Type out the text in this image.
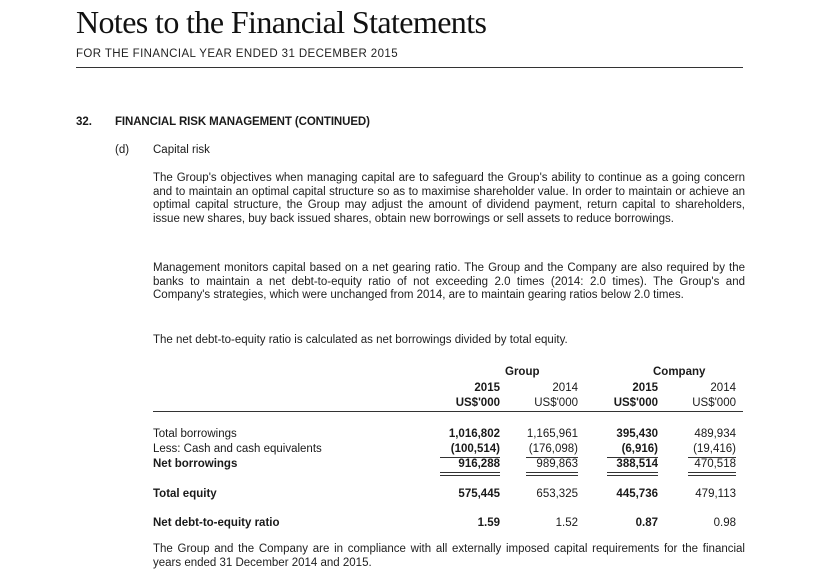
Notes to the Financial Statements
FOR THE FINANCIAL YEAR ENDED 31 DECEMBER 2015
32. FINANCIAL RISK MANAGEMENT (CONTINUED)
(d) Capital risk
The Group's objectives when managing capital are to safeguard the Group's ability to continue as a going concern and to maintain an optimal capital structure so as to maximise shareholder value. In order to maintain or achieve an optimal capital structure, the Group may adjust the amount of dividend payment, return capital to shareholders, issue new shares, buy back issued shares, obtain new borrowings or sell assets to reduce borrowings.
Management monitors capital based on a net gearing ratio. The Group and the Company are also required by the banks to maintain a net debt-to-equity ratio of not exceeding 2.0 times (2014: 2.0 times). The Group's and Company's strategies, which were unchanged from 2014, are to maintain gearing ratios below 2.0 times.
The net debt-to-equity ratio is calculated as net borrowings divided by total equity.
Group	Company
2015	2014	2015	2014
US$'000	US$'000	US$'000	US$'000
Total borrowings	1,016,802	1,165,961	395,430	489,934
Less: Cash and cash equivalents	(100,514)	(176,098)	(6,916)	(19,416)
Net borrowings	916,288	989,863	388,514	470,518
Total equity	575,445	653,325	445,736	479,113
Net debt-to-equity ratio	1.59	1.52	0.87	0.98
The Group and the Company are in compliance with all externally imposed capital requirements for the financial years ended 31 December 2014 and 2015.
